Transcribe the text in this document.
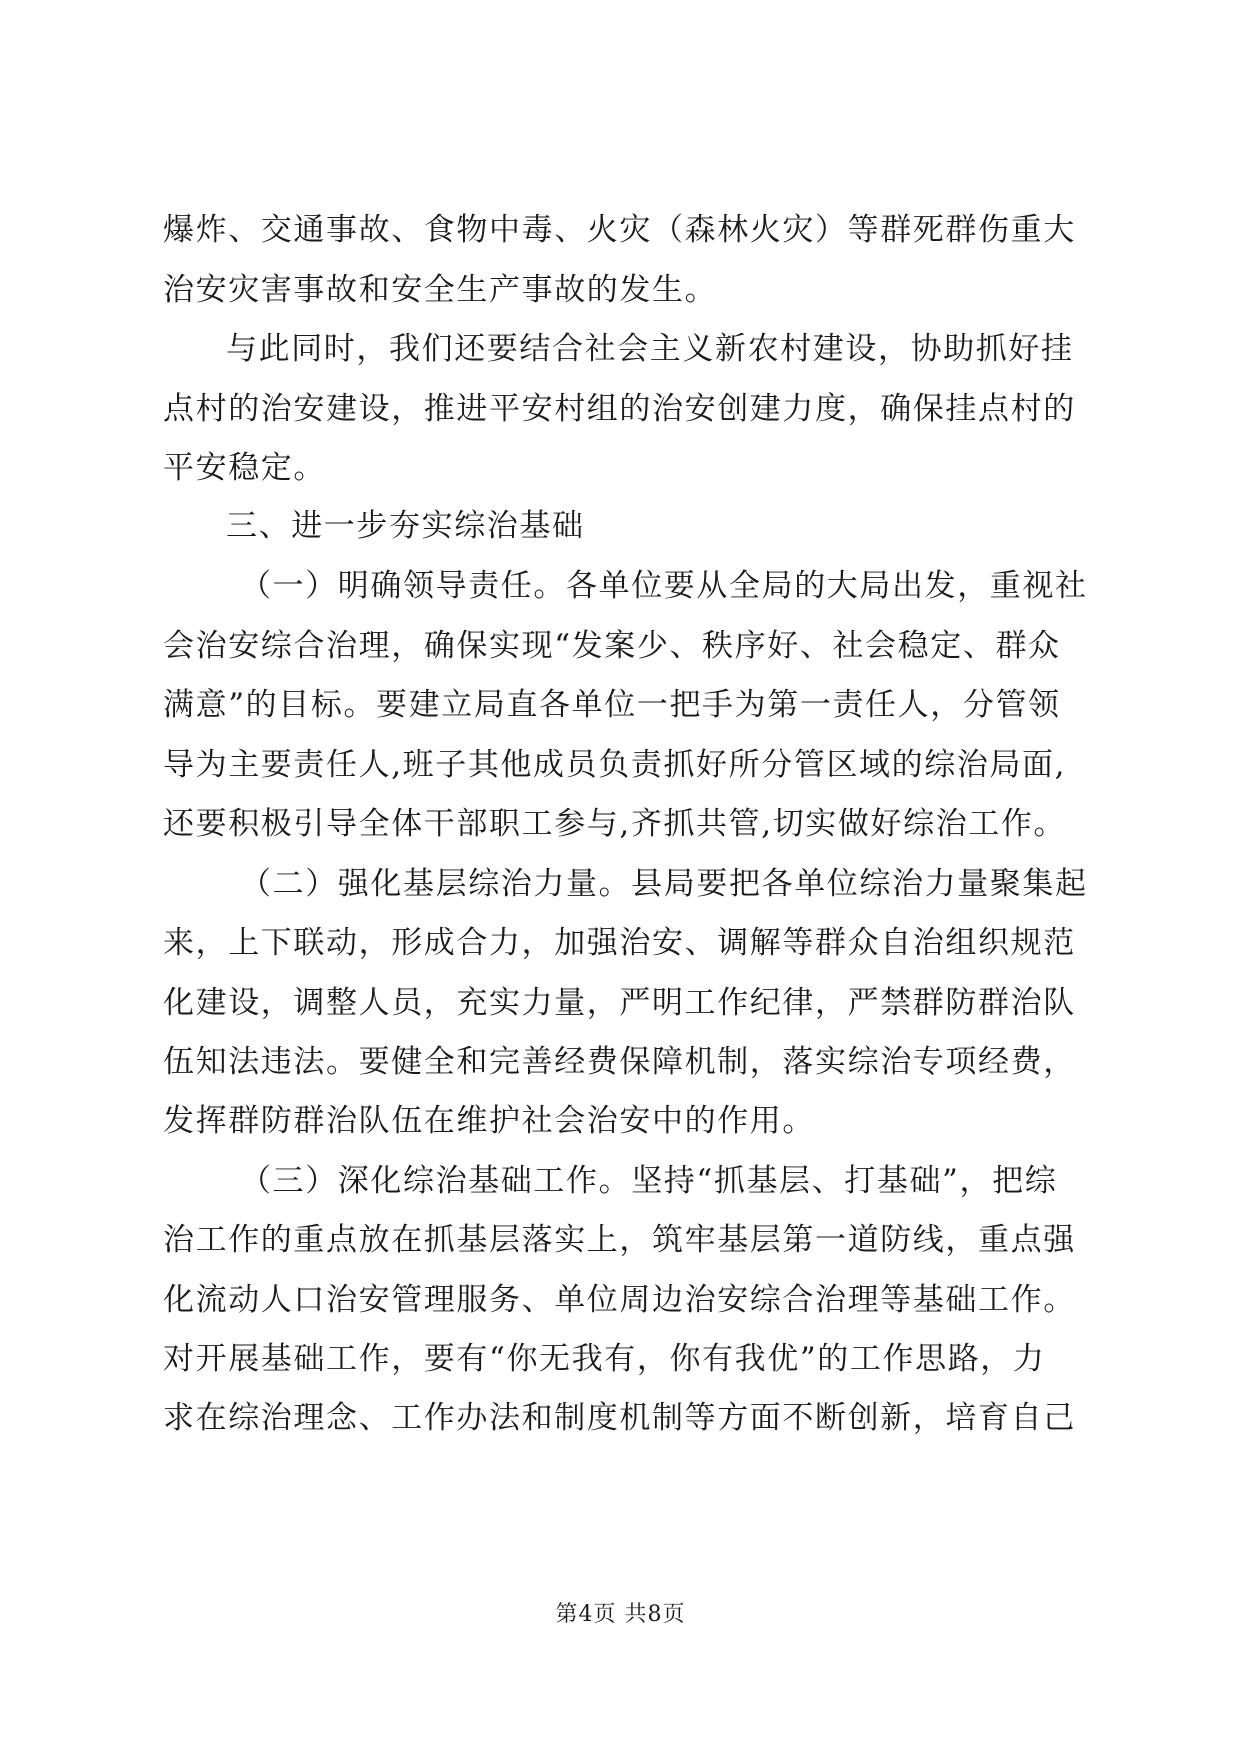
爆炸、交通事故、食物中毒、火灾（森林火灾）等群死群伤重大
治安灾害事故和安全生产事故的发生。
与此同时，我们还要结合社会主义新农村建设，协助抓好挂
点村的治安建设，推进平安村组的治安创建力度，确保挂点村的
平安稳定。
三、进一步夯实综治基础
（一）明确领导责任。各单位要从全局的大局出发，重视社
会治安综合治理，确保实现“发案少、秩序好、社会稳定、群众
满意”的目标。要建立局直各单位一把手为第一责任人，分管领
导为主要责任人,班子其他成员负责抓好所分管区域的综治局面,
还要积极引导全体干部职工参与,齐抓共管,切实做好综治工作。
（二）强化基层综治力量。县局要把各单位综治力量聚集起
来，上下联动，形成合力，加强治安、调解等群众自治组织规范
化建设，调整人员，充实力量，严明工作纪律，严禁群防群治队
伍知法违法。要健全和完善经费保障机制，落实综治专项经费，
发挥群防群治队伍在维护社会治安中的作用。
（三）深化综治基础工作。坚持“抓基层、打基础”，把综
治工作的重点放在抓基层落实上，筑牢基层第一道防线，重点强
化流动人口治安管理服务、单位周边治安综合治理等基础工作。
对开展基础工作，要有“你无我有，你有我优”的工作思路，力
求在综治理念、工作办法和制度机制等方面不断创新，培育自己
第4页 共8页
